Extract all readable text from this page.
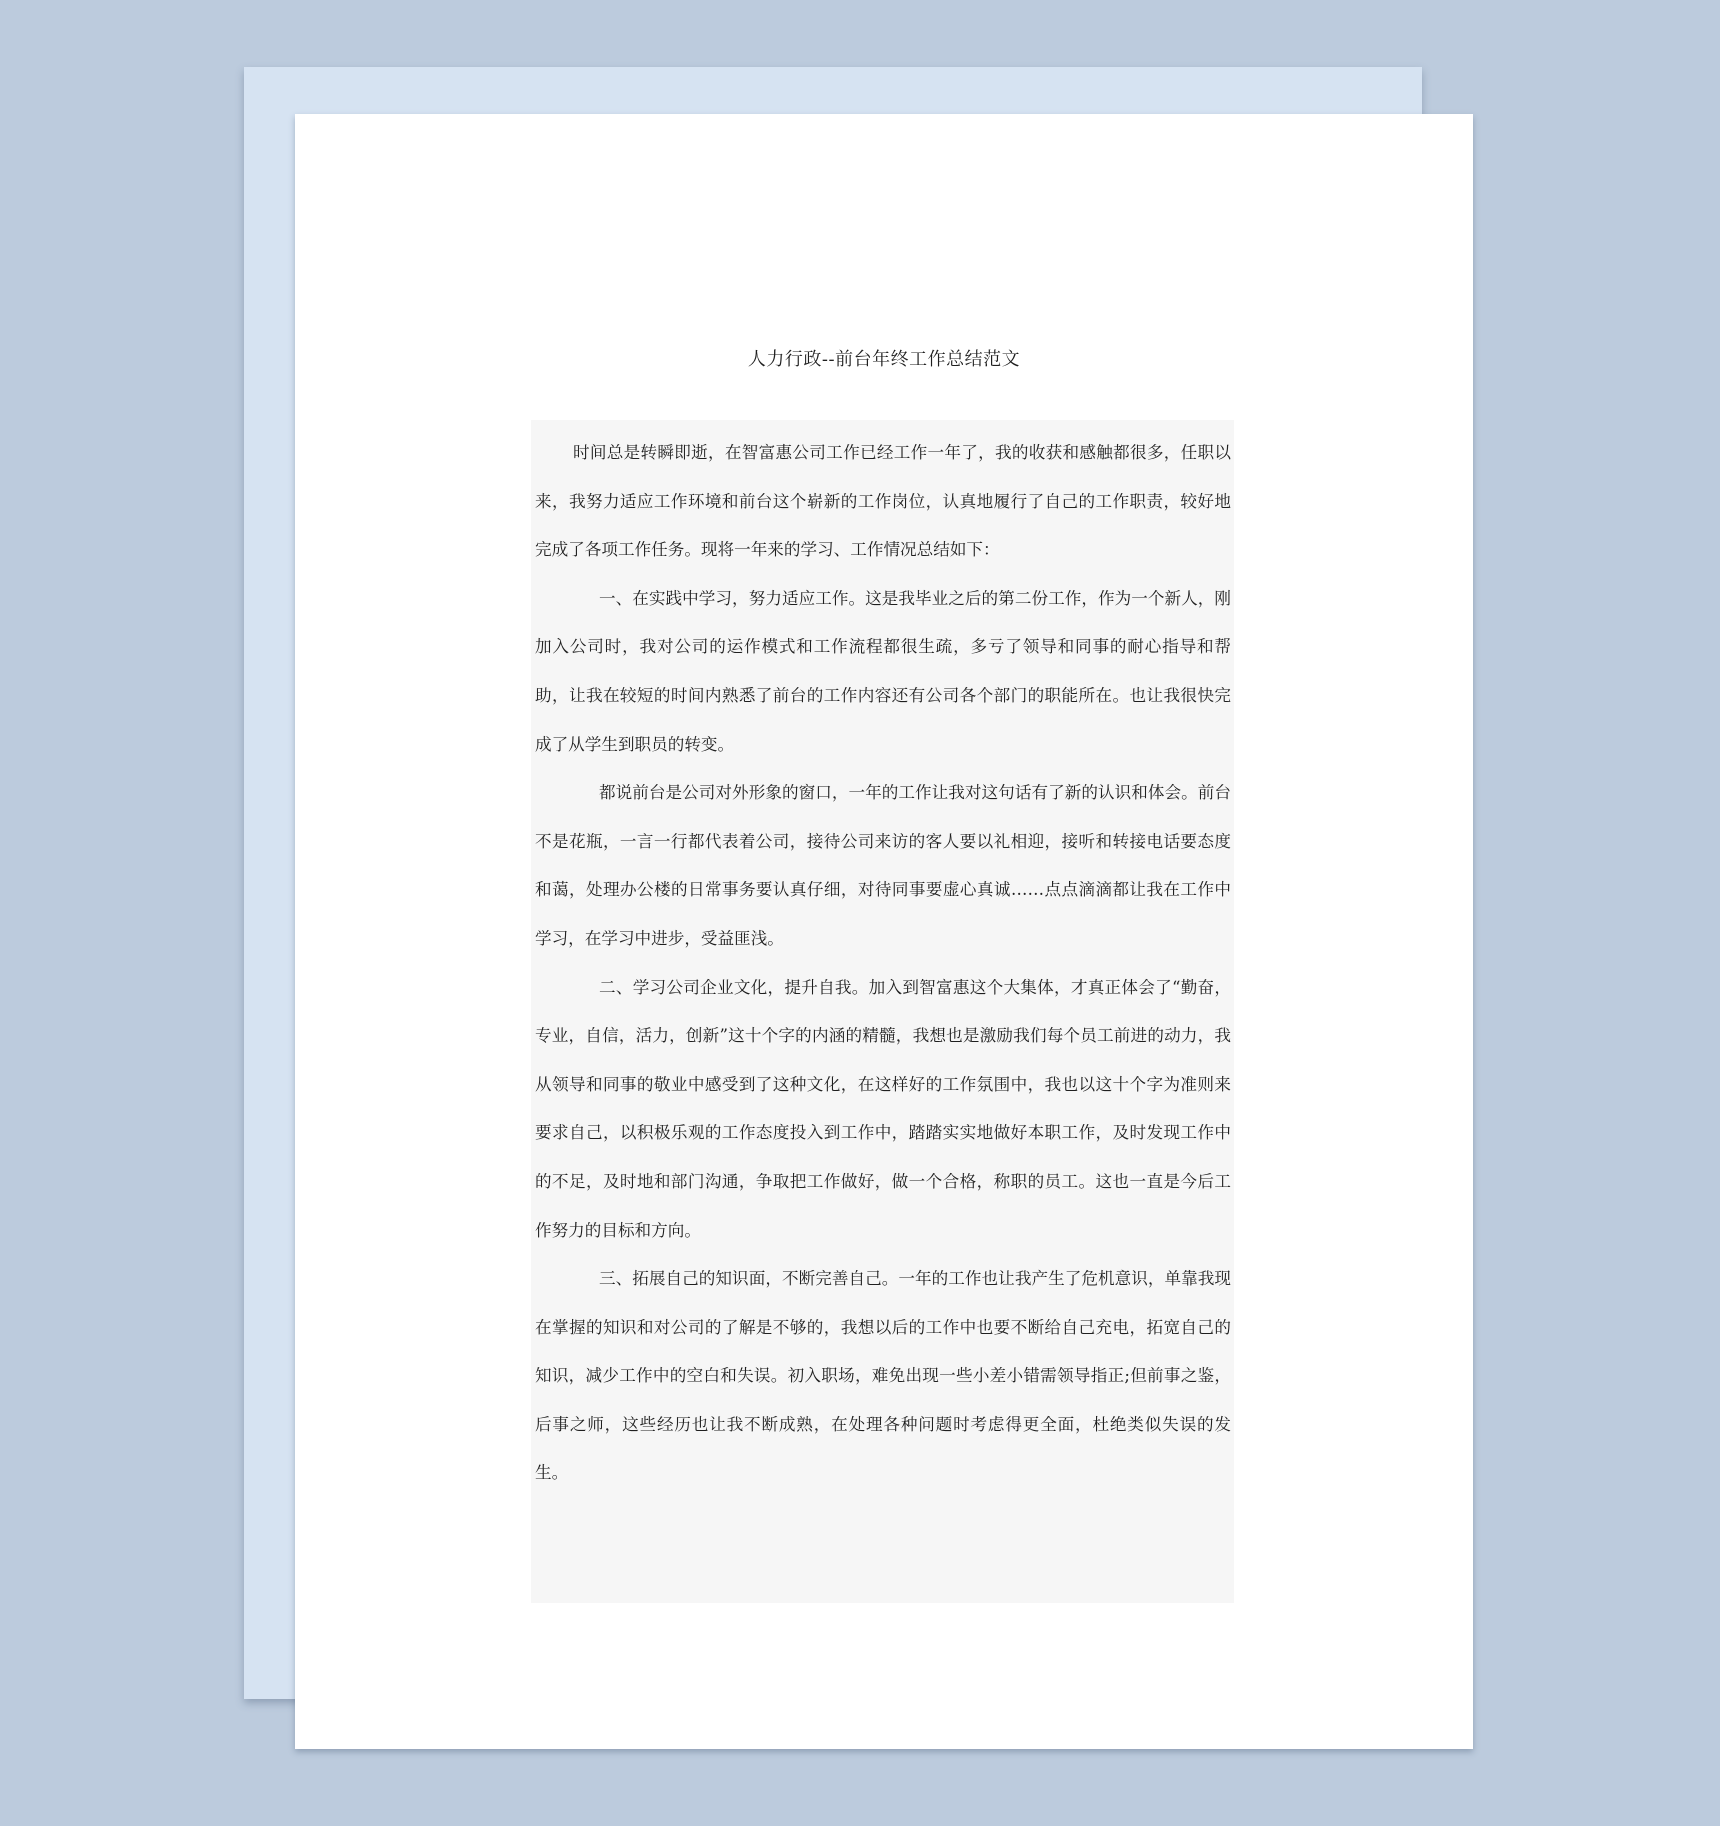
人力行政--前台年终工作总结范文

时间总是转瞬即逝，在智富惠公司工作已经工作一年了，我的收获和感触都很多，任职以来，我努力适应工作环境和前台这个崭新的工作岗位，认真地履行了自己的工作职责，较好地完成了各项工作任务。现将一年来的学习、工作情况总结如下：

一、在实践中学习，努力适应工作。这是我毕业之后的第二份工作，作为一个新人，刚加入公司时，我对公司的运作模式和工作流程都很生疏，多亏了领导和同事的耐心指导和帮助，让我在较短的时间内熟悉了前台的工作内容还有公司各个部门的职能所在。也让我很快完成了从学生到职员的转变。

都说前台是公司对外形象的窗口，一年的工作让我对这句话有了新的认识和体会。前台不是花瓶，一言一行都代表着公司，接待公司来访的客人要以礼相迎，接听和转接电话要态度和蔼，处理办公楼的日常事务要认真仔细，对待同事要虚心真诚……点点滴滴都让我在工作中学习，在学习中进步，受益匪浅。

二、学习公司企业文化，提升自我。加入到智富惠这个大集体，才真正体会了“勤奋，专业，自信，活力，创新”这十个字的内涵的精髓，我想也是激励我们每个员工前进的动力，我从领导和同事的敬业中感受到了这种文化，在这样好的工作氛围中，我也以这十个字为准则来要求自己，以积极乐观的工作态度投入到工作中，踏踏实实地做好本职工作，及时发现工作中的不足，及时地和部门沟通，争取把工作做好，做一个合格，称职的员工。这也一直是今后工作努力的目标和方向。

三、拓展自己的知识面，不断完善自己。一年的工作也让我产生了危机意识，单靠我现在掌握的知识和对公司的了解是不够的，我想以后的工作中也要不断给自己充电，拓宽自己的知识，减少工作中的空白和失误。初入职场，难免出现一些小差小错需领导指正;但前事之鉴，后事之师，这些经历也让我不断成熟，在处理各种问题时考虑得更全面，杜绝类似失误的发生。
